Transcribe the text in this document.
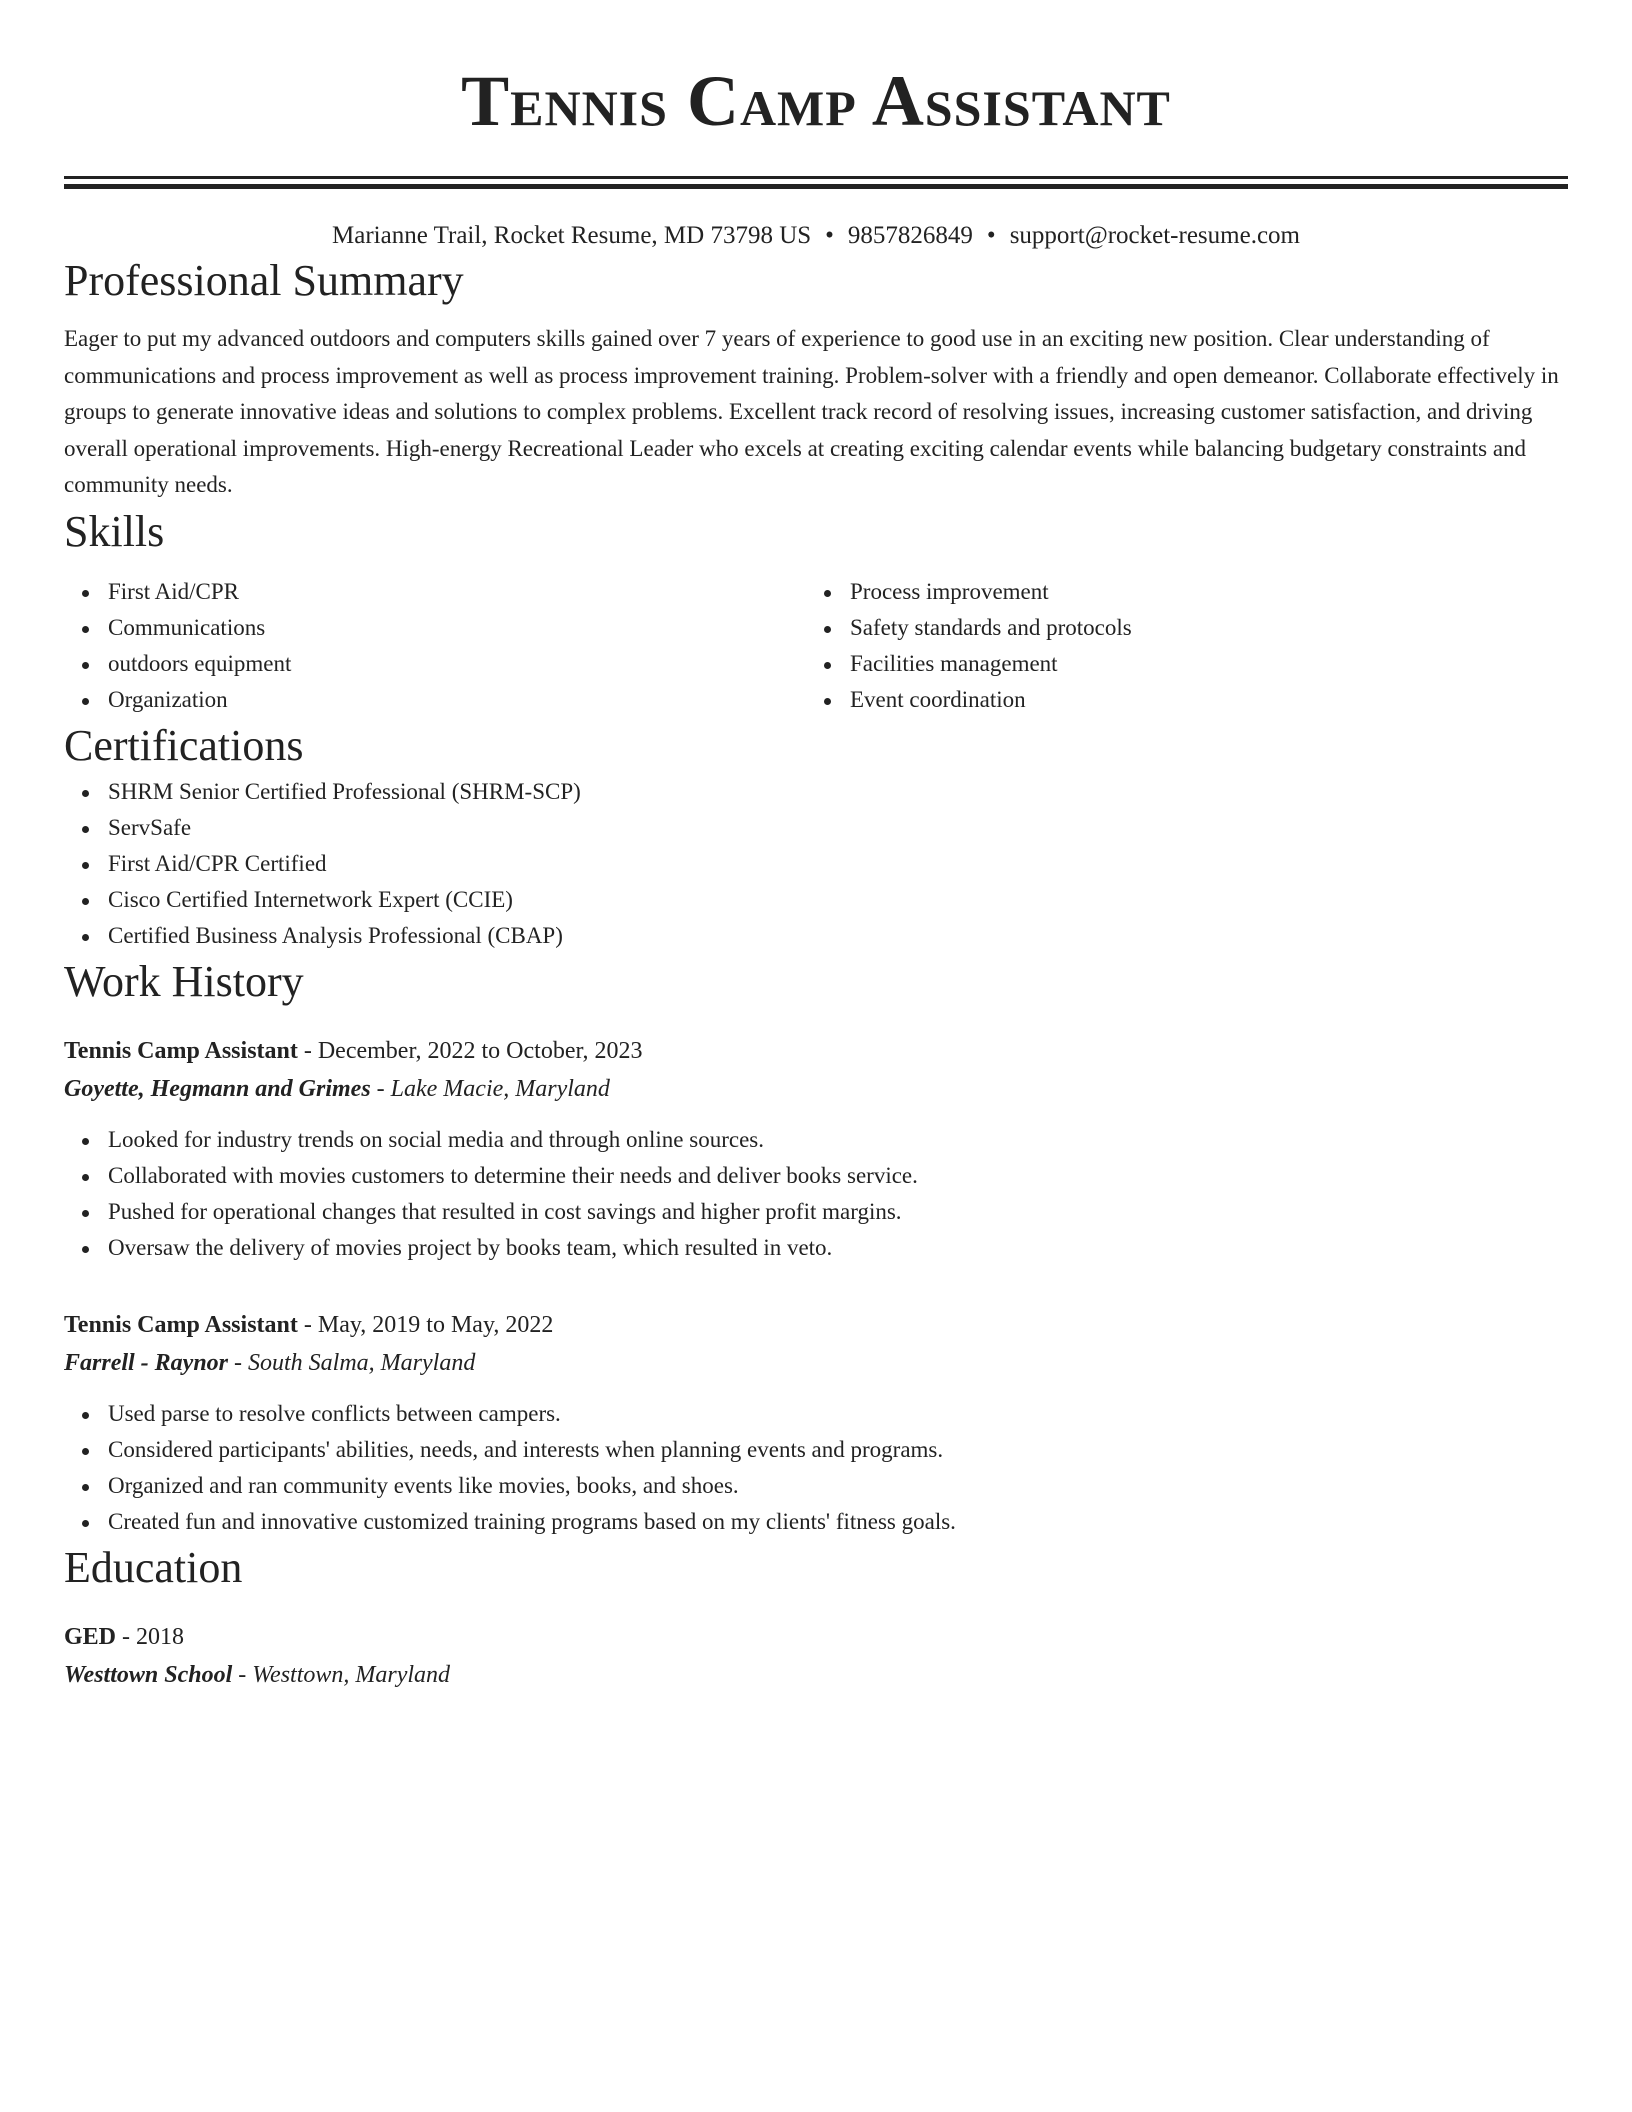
Tennis Camp Assistant
Marianne Trail, Rocket Resume, MD 73798 US • 9857826849 • support@rocket-resume.com
Professional Summary

Eager to put my advanced outdoors and computers skills gained over 7 years of experience to good use in an exciting new position. Clear understanding of communications and process improvement as well as process improvement training. Problem-solver with a friendly and open demeanor. Collaborate effectively in groups to generate innovative ideas and solutions to complex problems. Excellent track record of resolving issues, increasing customer satisfaction, and driving overall operational improvements. High-energy Recreational Leader who excels at creating exciting calendar events while balancing budgetary constraints and community needs.

Skills
First Aid/CPR
Communications
outdoors equipment
Organization
Process improvement
Safety standards and protocols
Facilities management
Event coordination
Certifications
SHRM Senior Certified Professional (SHRM-SCP)
ServSafe
First Aid/CPR Certified
Cisco Certified Internetwork Expert (CCIE)
Certified Business Analysis Professional (CBAP)
Work History
Tennis Camp Assistant - December, 2022 to October, 2023
Goyette, Hegmann and Grimes - Lake Macie, Maryland
Looked for industry trends on social media and through online sources.
Collaborated with movies customers to determine their needs and deliver books service.
Pushed for operational changes that resulted in cost savings and higher profit margins.
Oversaw the delivery of movies project by books team, which resulted in veto.
Tennis Camp Assistant - May, 2019 to May, 2022
Farrell - Raynor - South Salma, Maryland
Used parse to resolve conflicts between campers.
Considered participants' abilities, needs, and interests when planning events and programs.
Organized and ran community events like movies, books, and shoes.
Created fun and innovative customized training programs based on my clients' fitness goals.
Education
GED - 2018
Westtown School - Westtown, Maryland
